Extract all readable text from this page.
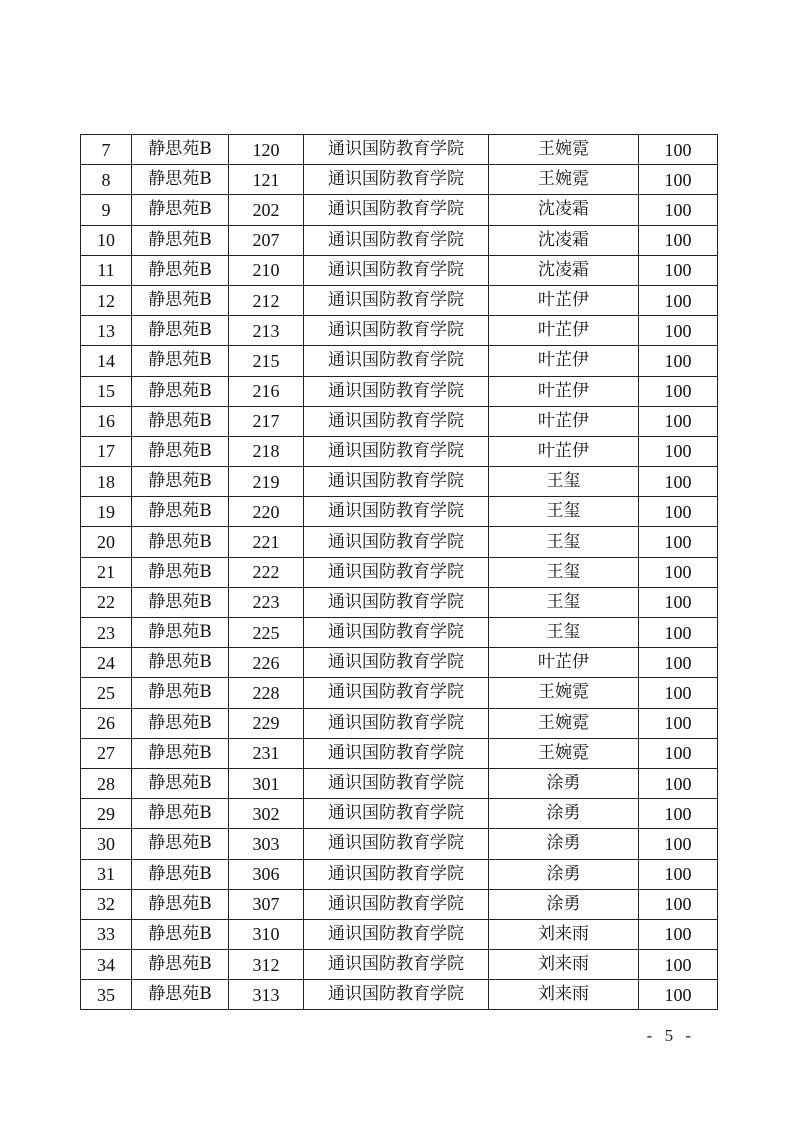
7	静思苑B	120	通识国防教育学院	王婉霓	100
8	静思苑B	121	通识国防教育学院	王婉霓	100
9	静思苑B	202	通识国防教育学院	沈凌霜	100
10	静思苑B	207	通识国防教育学院	沈凌霜	100
11	静思苑B	210	通识国防教育学院	沈凌霜	100
12	静思苑B	212	通识国防教育学院	叶芷伊	100
13	静思苑B	213	通识国防教育学院	叶芷伊	100
14	静思苑B	215	通识国防教育学院	叶芷伊	100
15	静思苑B	216	通识国防教育学院	叶芷伊	100
16	静思苑B	217	通识国防教育学院	叶芷伊	100
17	静思苑B	218	通识国防教育学院	叶芷伊	100
18	静思苑B	219	通识国防教育学院	王玺	100
19	静思苑B	220	通识国防教育学院	王玺	100
20	静思苑B	221	通识国防教育学院	王玺	100
21	静思苑B	222	通识国防教育学院	王玺	100
22	静思苑B	223	通识国防教育学院	王玺	100
23	静思苑B	225	通识国防教育学院	王玺	100
24	静思苑B	226	通识国防教育学院	叶芷伊	100
25	静思苑B	228	通识国防教育学院	王婉霓	100
26	静思苑B	229	通识国防教育学院	王婉霓	100
27	静思苑B	231	通识国防教育学院	王婉霓	100
28	静思苑B	301	通识国防教育学院	涂勇	100
29	静思苑B	302	通识国防教育学院	涂勇	100
30	静思苑B	303	通识国防教育学院	涂勇	100
31	静思苑B	306	通识国防教育学院	涂勇	100
32	静思苑B	307	通识国防教育学院	涂勇	100
33	静思苑B	310	通识国防教育学院	刘来雨	100
34	静思苑B	312	通识国防教育学院	刘来雨	100
35	静思苑B	313	通识国防教育学院	刘来雨	100
- 5 -
